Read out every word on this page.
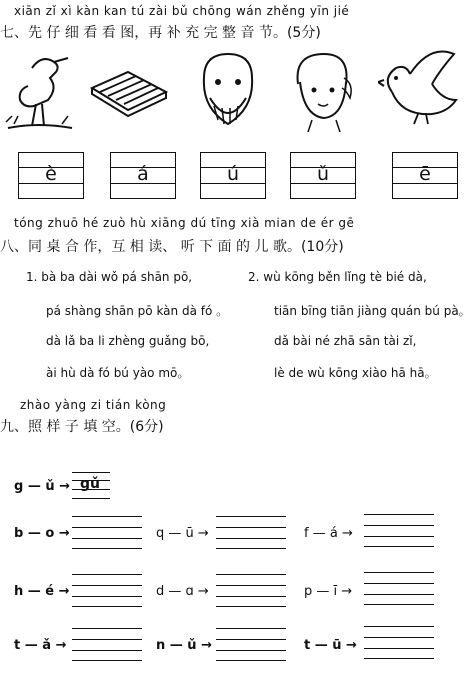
xiān zǐ xì kàn kan tú zài bǔ chōng wán zhěng yīn jié
七、先 仔 细 看 看 图，再 补 充 完 整 音 节。(5分)
è	á	ú	ǔ	ē
tóng zhuō hé zuò hù xiāng dú tīng xià mian de ér gē
八、同 桌 合 作，互 相 读、 听 下 面 的 儿 歌。(10分)
1. bà ba dài wǒ pá shān pō,
pá shàng shān pō kàn dà fó 。
dà lǎ ba li zhèng guǎng bō,
ài hù dà fó bú yào mō。
2. wù kōng běn lǐng tè bié dà,
tiān bīng tiān jiàng quán bú pà。
dǎ bài né zhā sān tài zǐ,
lè de wù kōng xiào hā hā。
zhào yàng zi tián kòng
九、照 样 子 填 空。(6分)
g — ǔ → gǔ
b — o →	q — ū →	f — á →
h — é →	d — ɑ →	p — ī →
t — ǎ →	n — ǔ →	t — ū →
